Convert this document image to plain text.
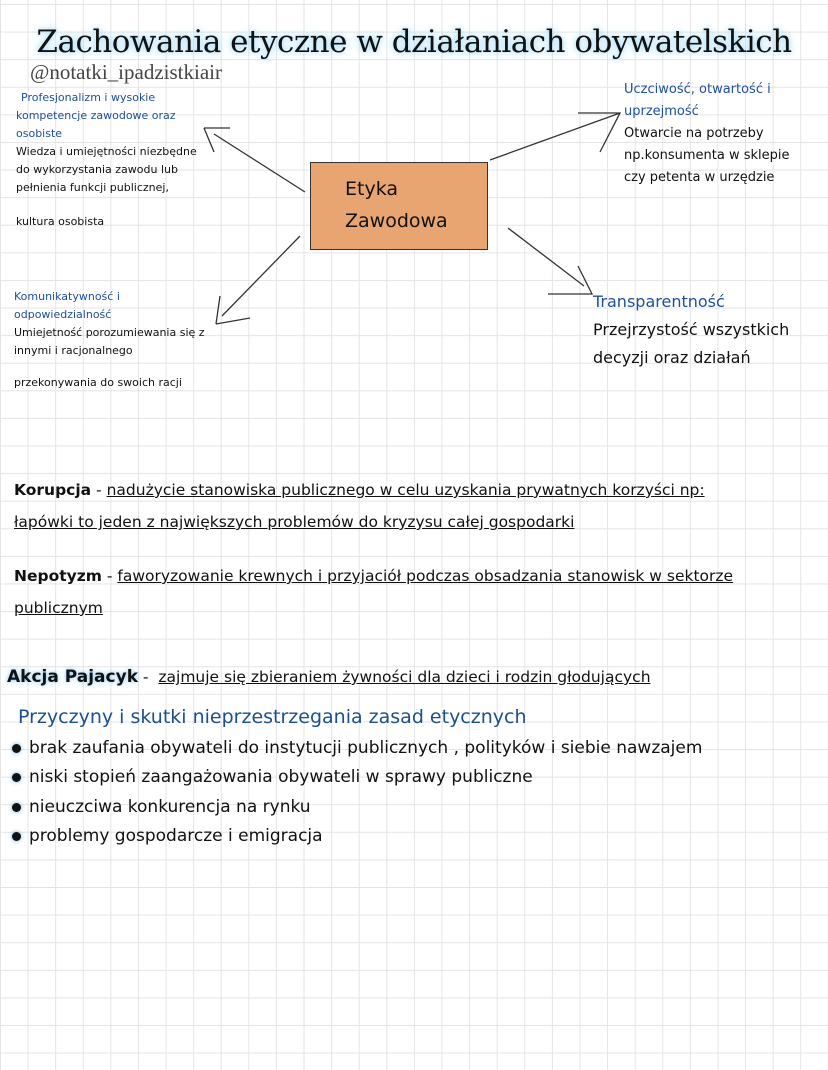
Zachowania etyczne w działaniach obywatelskich
@notatki_ipadzistkiair
Etyka
Zawodowa
Profesjonalizm i wysokie
kompetencje zawodowe oraz
osobiste
Wiedza i umiejętności niezbędne
do wykorzystania zawodu lub
pełnienia funkcji publicznej,
kultura osobista
Uczciwość, otwartość i
uprzejmość
Otwarcie na potrzeby
np.konsumenta w sklepie
czy petenta w urzędzie
Komunikatywność i
odpowiedzialność
Umiejetność porozumiewania się z
innymi i racjonalnego
przekonywania do swoich racji
Transparentność
Przejrzystość wszystkich
decyzji oraz działań
Korupcja - nadużycie stanowiska publicznego w celu uzyskania prywatnych korzyści np:
łapówki to jeden z największych problemów do kryzysu całej gospodarki
Nepotyzm - faworyzowanie krewnych i przyjaciół podczas obsadzania stanowisk w sektorze
publicznym

Akcja Pajacyk -  zajmuje się zbieraniem żywności dla dzieci i rodzin głodujących

Przyczyny i skutki nieprzestrzegania zasad etycznych
brak zaufania obywateli do instytucji publicznych , polityków i siebie nawzajem
niski stopień zaangażowania obywateli w sprawy publiczne
nieuczciwa konkurencja na rynku
problemy gospodarcze i emigracja
